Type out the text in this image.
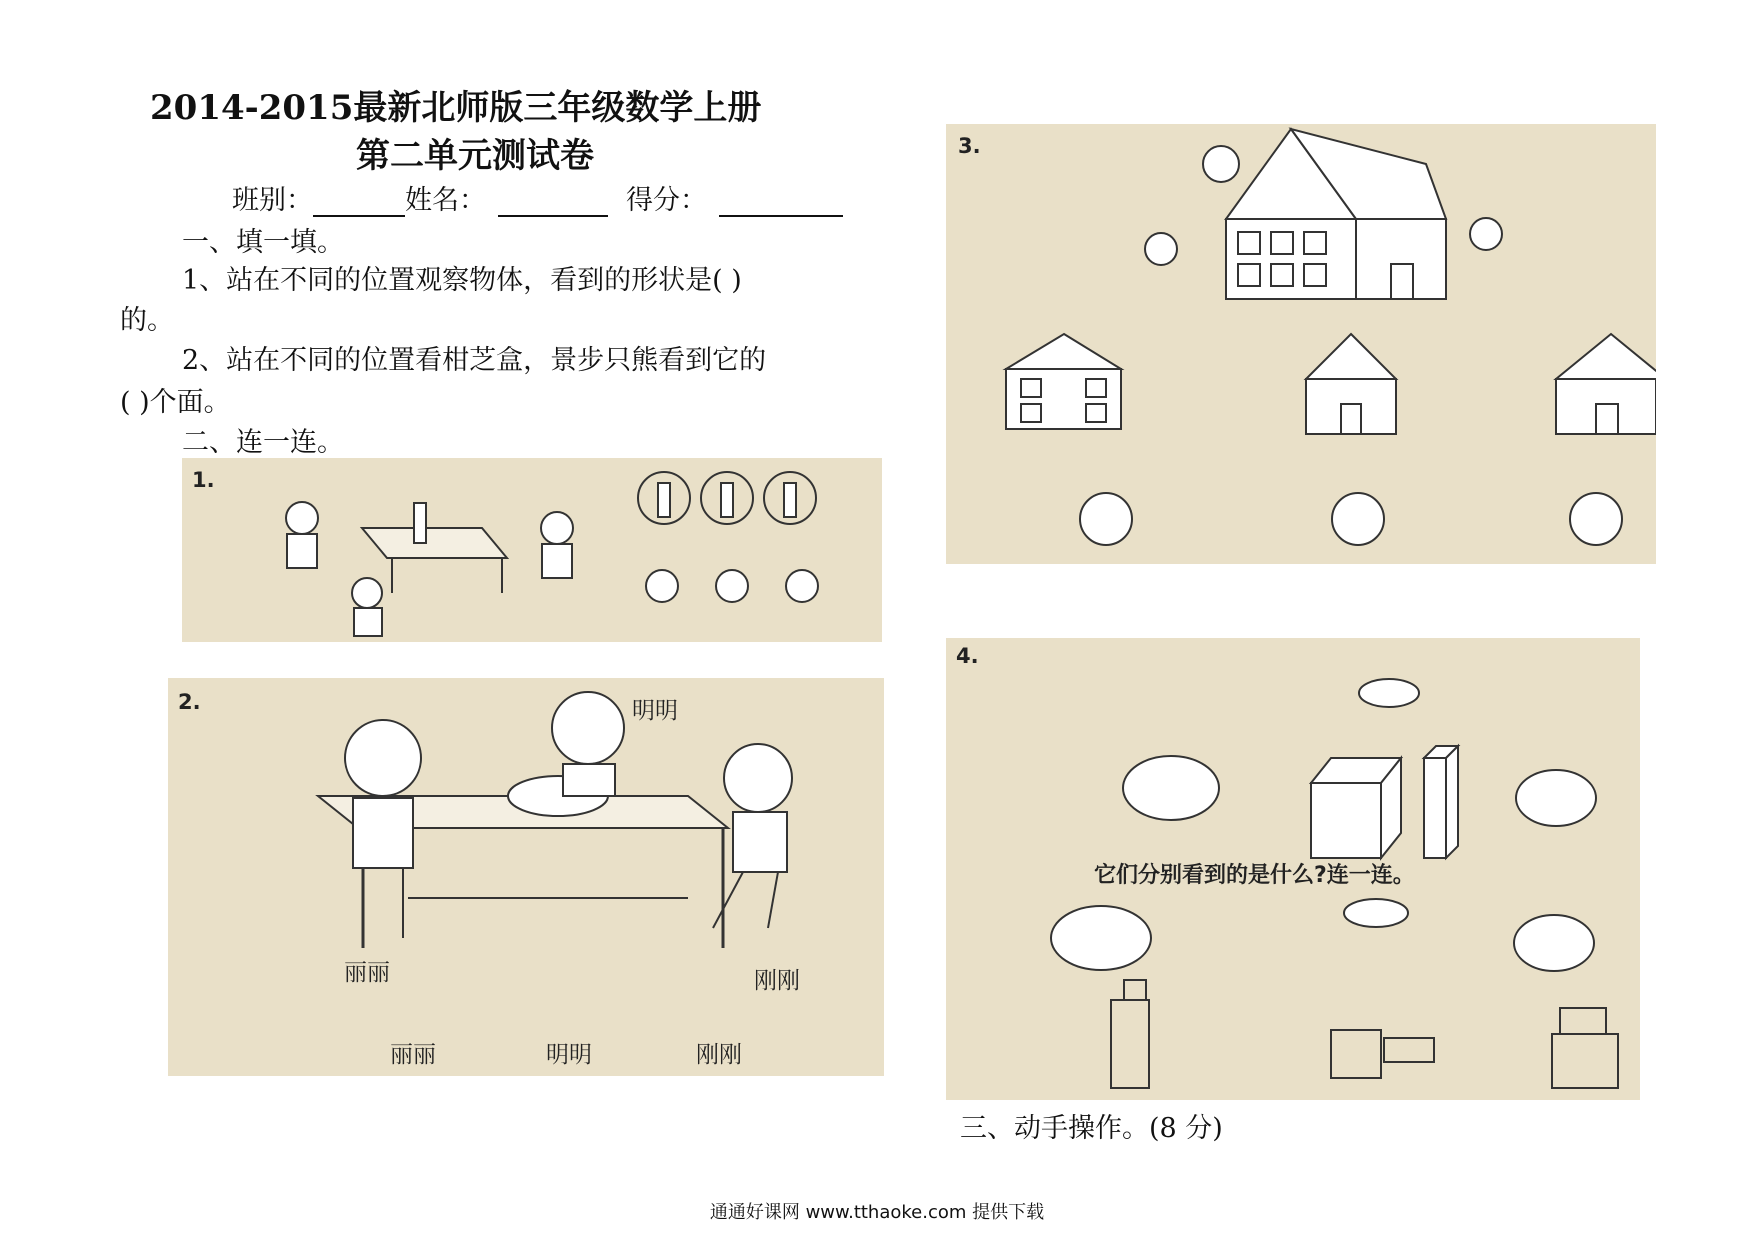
2014-2015最新北师版三年级数学上册
第二单元测试卷
班别：	姓名：	得分：
一、填一填。
1、站在不同的位置观察物体，看到的形状是( )
的。
2、站在不同的位置看柑芝盒，景步只熊看到它的
( )个面。
二、连一连。
1.
2.	明明
丽丽	刚刚
丽丽	明明	刚刚
3.
4.
它们分别看到的是什么?连一连。
三、动手操作。(8 分)
通通好课网 www.tthaoke.com 提供下载
